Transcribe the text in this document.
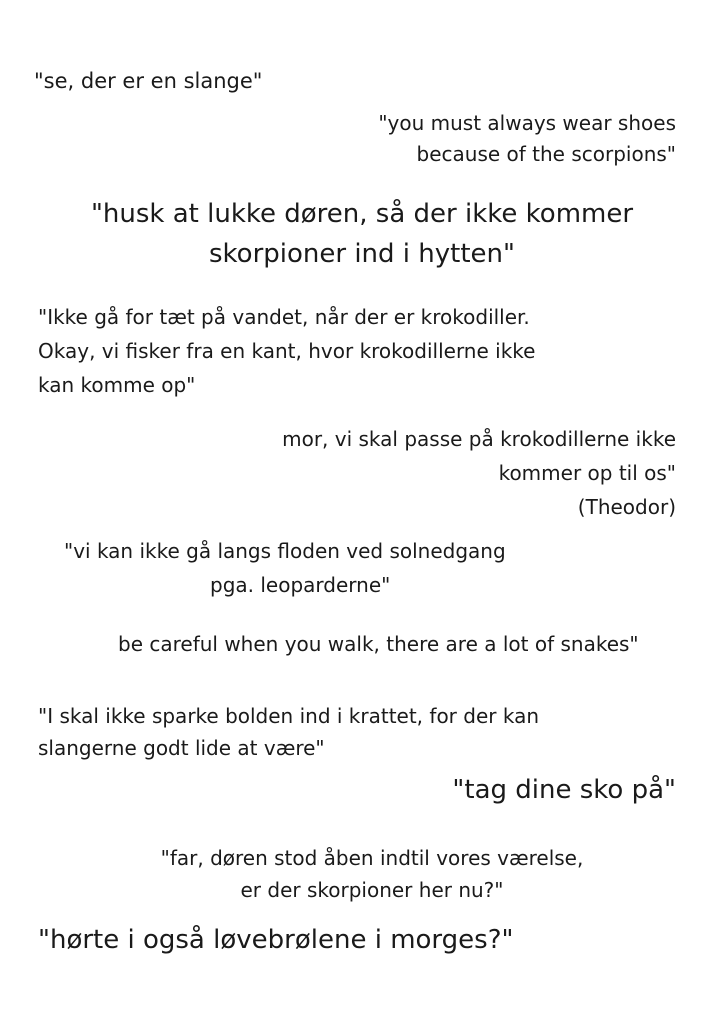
"se, der er en slange"

"you must always wear shoes
because of the scorpions"

"husk at lukke døren, så der ikke kommer
skorpioner ind i hytten"

"Ikke gå for tæt på vandet, når der er krokodiller.
Okay, vi fisker fra en kant, hvor krokodillerne ikke
kan komme op"

mor, vi skal passe på krokodillerne ikke
kommer op til os"
(Theodor)

"vi kan ikke gå langs floden ved solnedgang
pga. leoparderne"

be careful when you walk, there are a lot of snakes"

"I skal ikke sparke bolden ind i krattet, for der kan
slangerne godt lide at være"

"tag dine sko på"

"far, døren stod åben indtil vores værelse,
er der skorpioner her nu?"

"hørte i også løvebrølene i morges?"
